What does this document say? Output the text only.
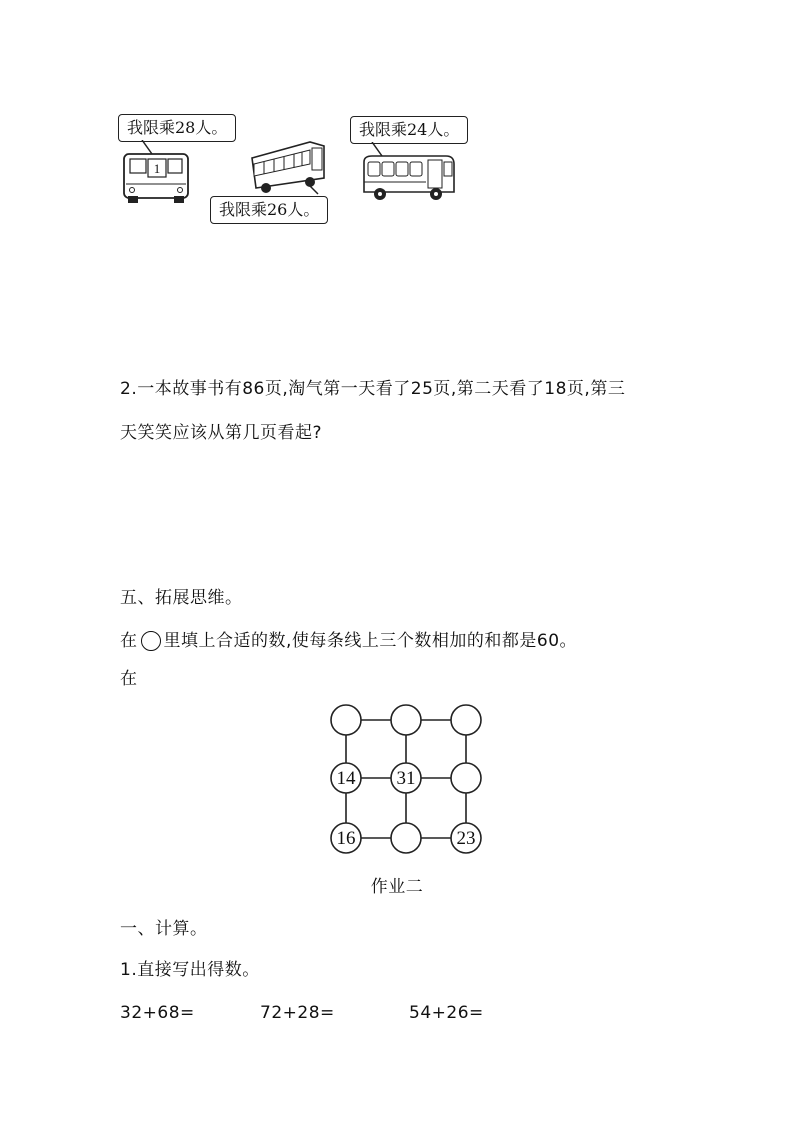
我限乘28人。
1
我限乘26人。
我限乘24人。
2.一本故事书有86页,淘气第一天看了25页,第二天看了18页,第三
天笑笑应该从第几页看起?
五、拓展思维。
在 里填上合适的数,使每条线上三个数相加的和都是60。
在
14 31
16	23
作业二
一、计算。
1.直接写出得数。
32+68=	72+28=	54+26=
